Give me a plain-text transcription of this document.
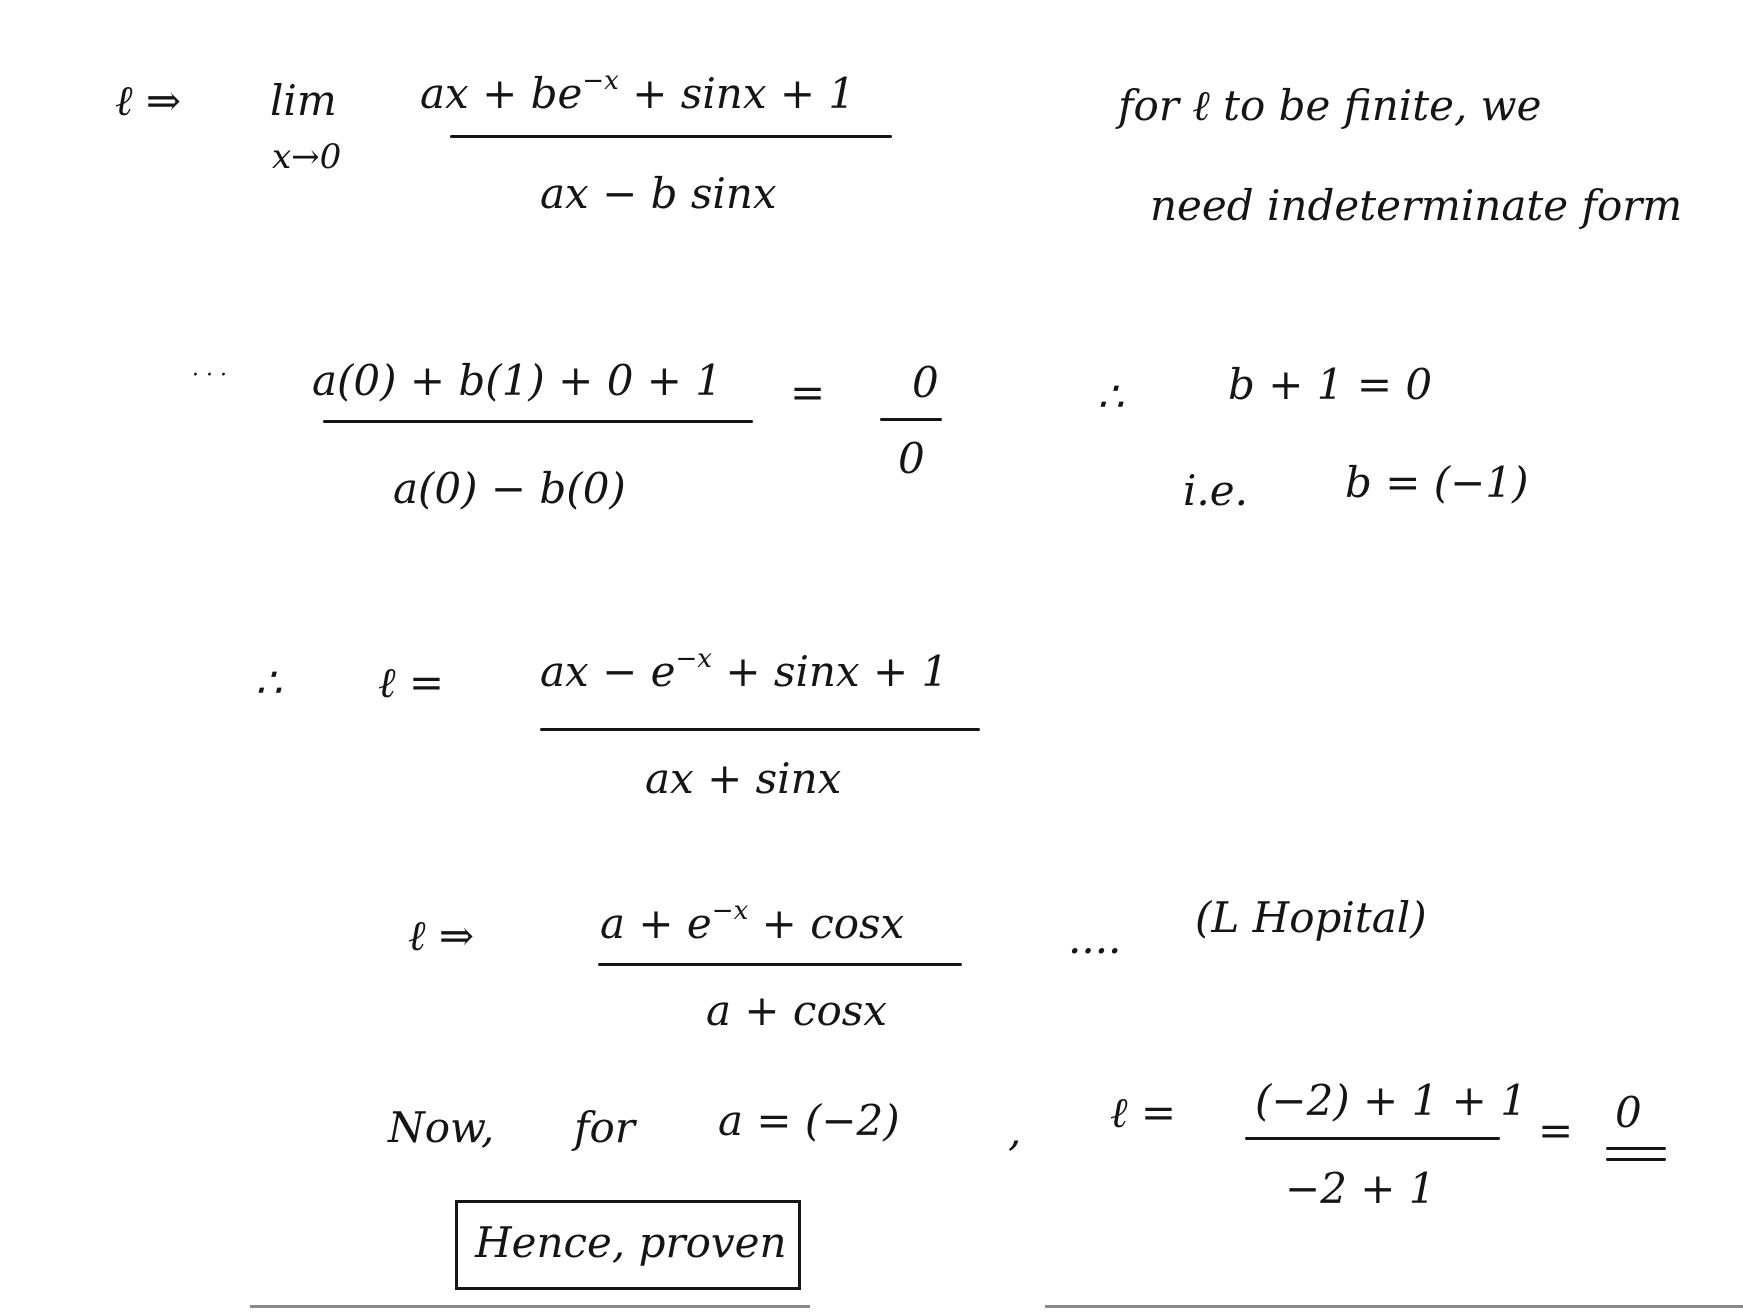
ℓ ⇒ lim
x→0
ax + $be^{-x} + \sin x + 1$
ax − b sinx
for ℓ to be finite, we
need indeterminate form
· · · a(0) + b(1) + 0 + 1
a(0) − b(0)
= 0
0
∴ b + 1 = 0
i.e. b = (−1)
∴ ℓ = ax − $e^{-x} + \sin x + 1$
ax + sinx
ℓ ⇒	$a + e^{-x} + \cos x$
a + cosx
.... (L Hopital)
Now, for a = (−2)	, ℓ = (−2) + 1 + 1
−2 + 1
= 0
Hence, proven
